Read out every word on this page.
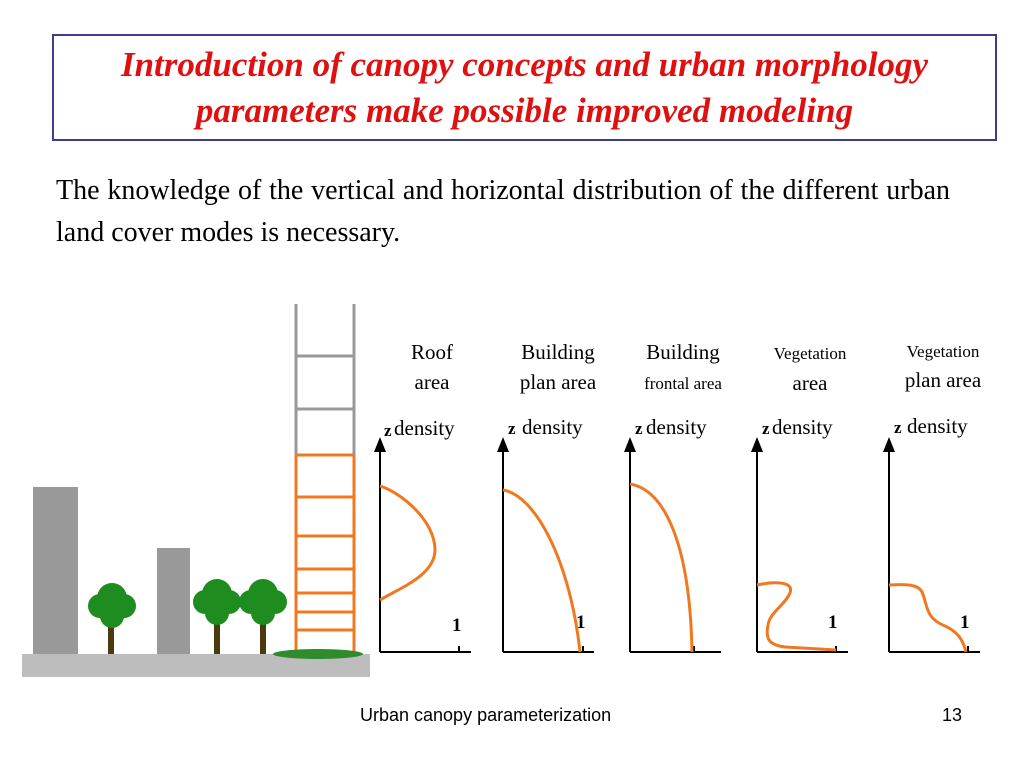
Introduction of canopy concepts and urban morphology parameters make possible improved modeling
The knowledge of the vertical and horizontal distribution of the different urban land cover modes is necessary.
Roof
area
z density
1
Building
plan area
z density
1
Building
frontal area
z density
Vegetation
area
z density
1
Vegetation
plan area
z density
1
Urban canopy parameterization	13
